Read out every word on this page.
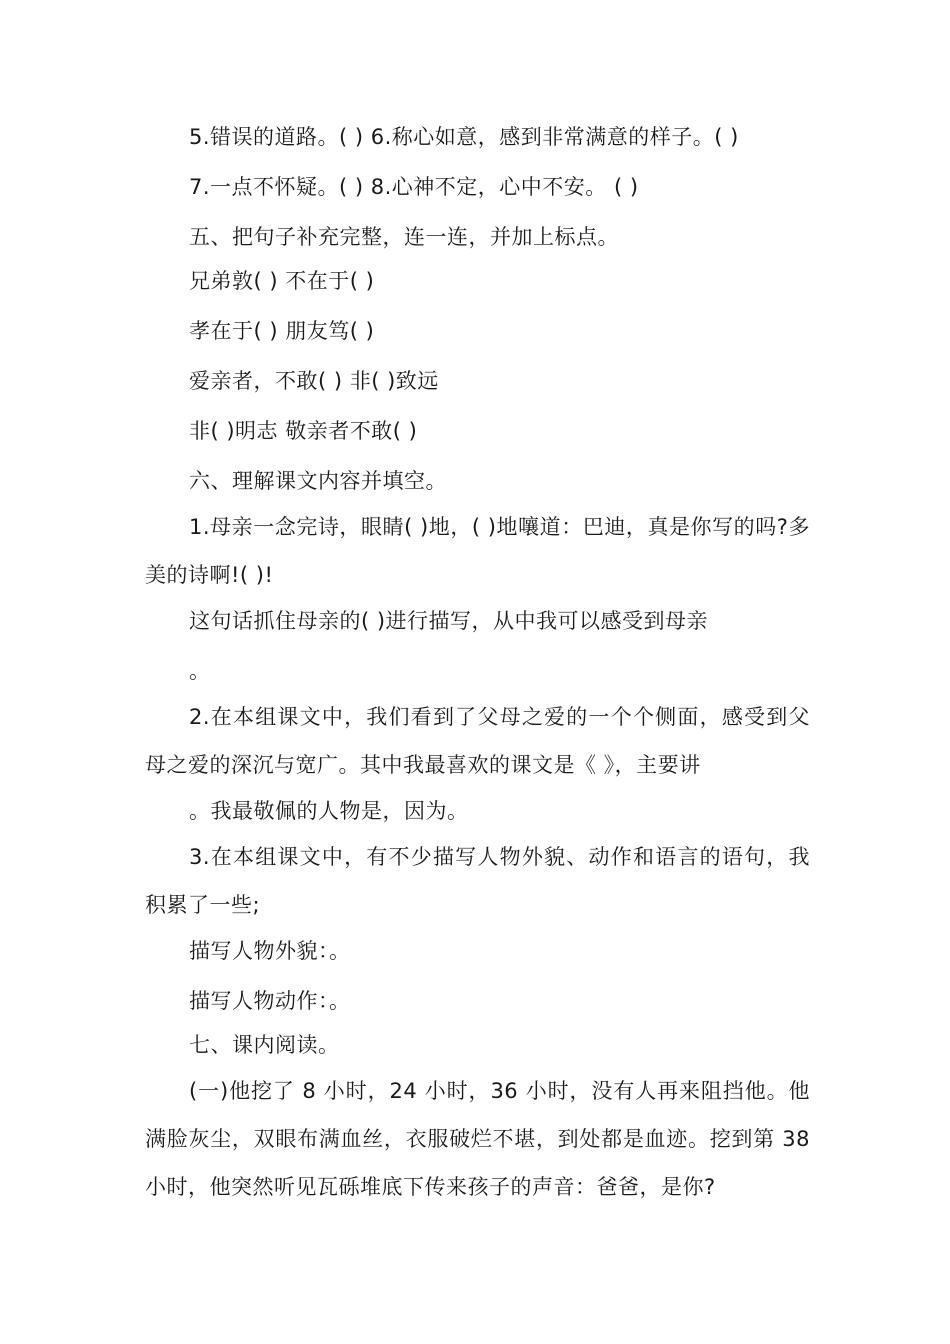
5.错误的道路。( ) 6.称心如意，感到非常满意的样子。( )
7.一点不怀疑。( ) 8.心神不定，心中不安。 ( )
五、把句子补充完整，连一连，并加上标点。
兄弟敦( ) 不在于( )
孝在于( ) 朋友笃( )
爱亲者，不敢( ) 非( )致远
非( )明志 敬亲者不敢( )
六、理解课文内容并填空。
1.母亲一念完诗，眼睛( )地，( )地嚷道：巴迪，真是你写的吗?多美的诗啊!( )!
这句话抓住母亲的( )进行描写，从中我可以感受到母亲
。
2.在本组课文中，我们看到了父母之爱的一个个侧面，感受到父母之爱的深沉与宽广。其中我最喜欢的课文是《 》，主要讲
。我最敬佩的人物是，因为。
3.在本组课文中，有不少描写人物外貌、动作和语言的语句，我积累了一些;
描写人物外貌：。
描写人物动作：。
七、课内阅读。
(一)他挖了 8 小时，24 小时，36 小时，没有人再来阻挡他。他满脸灰尘，双眼布满血丝，衣服破烂不堪，到处都是血迹。挖到第 38 小时，他突然听见瓦砾堆底下传来孩子的声音：爸爸，是你?
